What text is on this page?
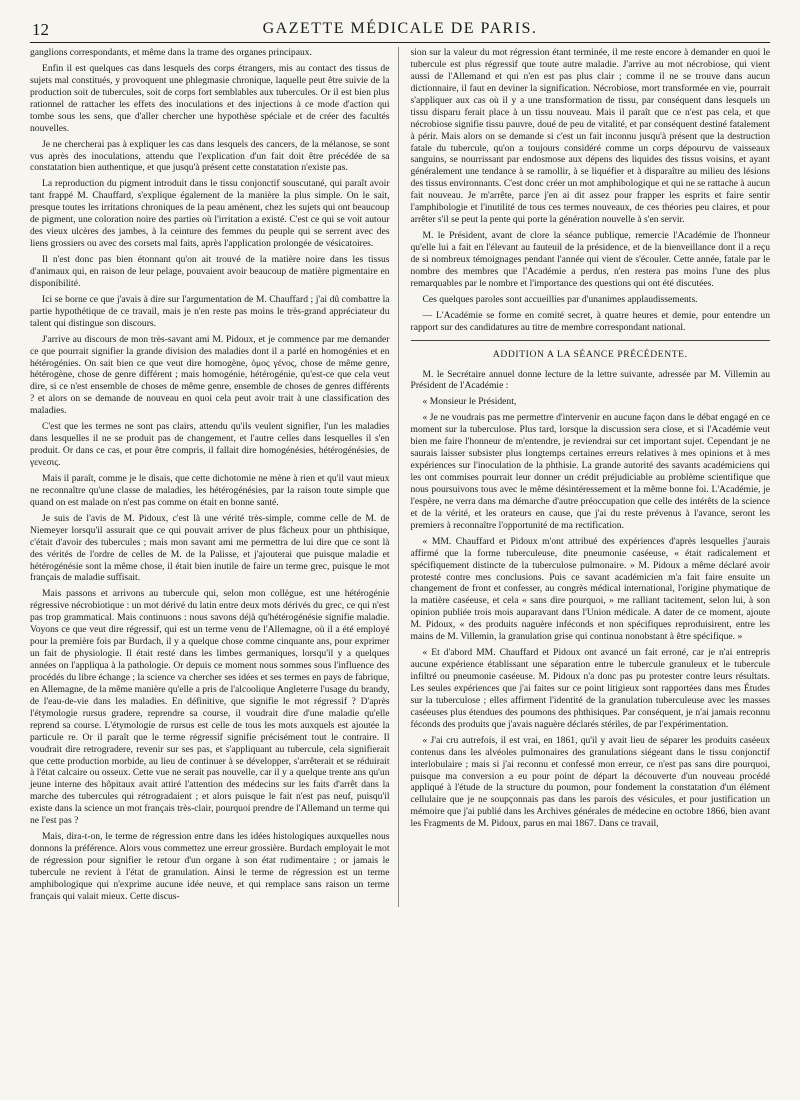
12	GAZETTE MÉDICALE DE PARIS.

ganglions correspondants, et même dans la trame des organes principaux.

Enfin il est quelques cas dans lesquels des corps étrangers, mis au contact des tissus de sujets mal constitués, y provoquent une phlegmasie chronique, laquelle peut être suivie de la production soit de tubercules, soit de corps fort semblables aux tubercules. Or il est bien plus rationnel de rattacher les effets des inoculations et des injections à ce mode d'action qui tombe sous les sens, que d'aller chercher une hypothèse spéciale et de créer des facultés nouvelles.

Je ne chercherai pas à expliquer les cas dans lesquels des cancers, de la mélanose, se sont vus après des inoculations, attendu que l'explication d'un fait doit être précédée de sa constatation bien authentique, et que jusqu'à présent cette constatation n'existe pas.

La reproduction du pigment introduit dans le tissu conjonctif souscutané, qui paraît avoir tant frappé M. Chauffard, s'explique également de la manière la plus simple. On le sait, presque toutes les irritations chroniques de la peau amènent, chez les sujets qui ont beaucoup de pigment, une coloration noire des parties où l'irritation a existé. C'est ce qui se voit autour des vieux ulcères des jambes, à la ceinture des femmes du peuple qui se serrent avec des liens grossiers ou avec des corsets mal faits, après l'application prolongée de vésicatoires.

Il n'est donc pas bien étonnant qu'on ait trouvé de la matière noire dans les tissus d'animaux qui, en raison de leur pelage, pouvaient avoir beaucoup de matière pigmentaire en disponibilité.

Ici se borne ce que j'avais à dire sur l'argumentation de M. Chauffard ; j'ai dû combattre la partie hypothétique de ce travail, mais je n'en reste pas moins le très-grand appréciateur du talent qui distingue son discours.

J'arrive au discours de mon très-savant ami M. Pidoux, et je commence par me demander ce que pourrait signifier la grande division des maladies dont il a parlé en homogénies et en hétérogénies. On sait bien ce que veut dire homogène, ὁμος γένος, chose de même genre, hétérogène, chose de genre différent ; mais homogénie, hétérogénie, qu'est-ce que cela veut dire, si ce n'est ensemble de choses de même genre, ensemble de choses de genres différents ? et alors on se demande de nouveau en quoi cela peut avoir trait à une classification des maladies.

C'est que les termes ne sont pas clairs, attendu qu'ils veulent signifier, l'un les maladies dans lesquelles il ne se produit pas de changement, et l'autre celles dans lesquelles il s'en produit. Or dans ce cas, et pour être compris, il fallait dire homogénésies, hétérogénésies, de γενεσις.

Mais il paraît, comme je le disais, que cette dichotomie ne mène à rien et qu'il vaut mieux ne reconnaître qu'une classe de maladies, les hétérogénésies, par la raison toute simple que quand on est malade on n'est pas comme on était en bonne santé.

Je suis de l'avis de M. Pidoux, c'est là une vérité très-simple, comme celle de M. de Niemeyer lorsqu'il assurait que ce qui pouvait arriver de plus fâcheux pour un phthisique, c'était d'avoir des tubercules ; mais mon savant ami me permettra de lui dire que ce sont là des vérités de l'ordre de celles de M. de la Palisse, et j'ajouterai que puisque maladie et hétérogénésie sont la même chose, il était bien inutile de faire un terme grec, puisque le mot français de maladie suffisait.

Mais passons et arrivons au tubercule qui, selon mon collègue, est une hétérogénie régressive nécrobiotique : un mot dérivé du latin entre deux mots dérivés du grec, ce qui n'est pas trop grammatical. Mais continuons : nous savons déjà qu'hétérogénésie signifie maladie. Voyons ce que veut dire régressif, qui est un terme venu de l'Allemagne, où il a été employé pour la première fois par Burdach, il y a quelque chose comme cinquante ans, pour exprimer un fait de physiologie. Il était resté dans les limbes germaniques, lorsqu'il y a quelques années on l'appliqua à la pathologie. Or depuis ce moment nous sommes sous l'influence des procédés du libre échange ; la science va chercher ses idées et ses termes en pays de fabrique, en Allemagne, de la même manière qu'elle a pris de l'alcoolique Angleterre l'usage du brandy, de l'eau-de-vie dans les maladies. En définitive, que signifie le mot régressif ? D'après l'étymologie rursus gradere, reprendre sa course, il voudrait dire d'une maladie qu'elle reprend sa course. L'étymologie de rursus est celle de tous les mots auxquels est ajoutée la particule re. Or il paraît que le terme régressif signifie précisément tout le contraire. Il voudrait dire retrogradere, revenir sur ses pas, et s'appliquant au tubercule, cela signifierait que cette production morbide, au lieu de continuer à se développer, s'arrêterait et se réduirait à l'état calcaire ou osseux. Cette vue ne serait pas nouvelle, car il y a quelque trente ans qu'un jeune interne des hôpitaux avait attiré l'attention des médecins sur les faits d'arrêt dans la marche des tubercules qui rétrogradaient ; et alors puisque le fait n'est pas neuf, puisqu'il existe dans la science un mot français très-clair, pourquoi prendre de l'Allemand un terme qui ne l'est pas ?

Mais, dira-t-on, le terme de régression entre dans les idées histologiques auxquelles nous donnons la préférence. Alors vous commettez une erreur grossière. Burdach employait le mot de régression pour signifier le retour d'un organe à son état rudimentaire ; or jamais le tubercule ne revient à l'état de granulation. Ainsi le terme de régression est un terme amphibologique qui n'exprime aucune idée neuve, et qui remplace sans raison un terme français qui valait mieux. Cette discus-

sion sur la valeur du mot régression étant terminée, il me reste encore à demander en quoi le tubercule est plus régressif que toute autre maladie. J'arrive au mot nécrobiose, qui vient aussi de l'Allemand et qui n'en est pas plus clair ; comme il ne se trouve dans aucun dictionnaire, il faut en deviner la signification. Nécrobiose, mort transformée en vie, pourrait s'appliquer aux cas où il y a une transformation de tissu, par conséquent dans lesquels un tissu disparu ferait place à un tissu nouveau. Mais il paraît que ce n'est pas cela, et que nécrobiose signifie tissu pauvre, doué de peu de vitalité, et par conséquent destiné fatalement à périr. Mais alors on se demande si c'est un fait inconnu jusqu'à présent que la destruction fatale du tubercule, qu'on a toujours considéré comme un corps dépourvu de vaisseaux sanguins, se nourrissant par endosmose aux dépens des liquides des tissus voisins, et ayant généralement une tendance à se ramollir, à se liquéfier et à disparaître au milieu des lésions des tissus environnants. C'est donc créer un mot amphibologique et qui ne se rattache à aucun fait nouveau. Je m'arrête, parce j'en ai dit assez pour frapper les esprits et faire sentir l'amphibologie et l'inutilité de tous ces termes nouveaux, de ces théories peu claires, et pour arrêter s'il se peut la pente qui porte la génération nouvelle à s'en servir.

M. le Président, avant de clore la séance publique, remercie l'Académie de l'honneur qu'elle lui a fait en l'élevant au fauteuil de la présidence, et de la bienveillance dont il a reçu de si nombreux témoignages pendant l'année qui vient de s'écouler. Cette année, fatale par le nombre des membres que l'Académie a perdus, n'en restera pas moins l'une des plus remarquables par le nombre et l'importance des questions qui ont été discutées.

Ces quelques paroles sont accueillies par d'unanimes applaudissements.

— L'Académie se forme en comité secret, à quatre heures et demie, pour entendre un rapport sur des candidatures au titre de membre correspondant national.

ADDITION A LA SÉANCE PRÉCÉDENTE.

M. le Secrétaire annuel donne lecture de la lettre suivante, adressée par M. Villemin au Président de l'Académie :

« Monsieur le Président,

« Je ne voudrais pas me permettre d'intervenir en aucune façon dans le débat engagé en ce moment sur la tuberculose. Plus tard, lorsque la discussion sera close, et si l'Académie veut bien me faire l'honneur de m'entendre, je reviendrai sur cet important sujet. Cependant je ne saurais laisser subsister plus longtemps certaines erreurs relatives à mes opinions et à mes expériences sur l'inoculation de la phthisie. La grande autorité des savants académiciens qui les ont commises pourrait leur donner un crédit préjudiciable au problème scientifique que nous poursuivons tous avec le même désintéressement et la même bonne foi. L'Académie, je l'espère, ne verra dans ma démarche d'autre préoccupation que celle des intérêts de la science et de la vérité, et les orateurs en cause, que j'ai du reste prévenus à l'avance, seront les premiers à reconnaître l'opportunité de ma rectification.

« MM. Chauffard et Pidoux m'ont attribué des expériences d'après lesquelles j'aurais affirmé que la forme tuberculeuse, dite pneumonie caséeuse, « était radicalement et spécifiquement distincte de la tuberculose pulmonaire. » M. Pidoux a même déclaré avoir protesté contre mes conclusions. Puis ce savant académicien m'a fait faire ensuite un changement de front et confesser, au congrès médical international, l'origine phymatique de la matière caséeuse, et cela « sans dire pourquoi, » me ralliant tacitement, selon lui, à son opinion publiée trois mois auparavant dans l'Union médicale. A dater de ce moment, ajoute M. Pidoux, « des produits naguère inféconds et non spécifiques reproduisirent, entre les mains de M. Villemin, la granulation grise qui continua nonobstant à être spécifique. »

« Et d'abord MM. Chauffard et Pidoux ont avancé un fait erroné, car je n'ai entrepris aucune expérience établissant une séparation entre le tubercule granuleux et le tubercule infiltré ou pneumonie caséeuse. M. Pidoux n'a donc pas pu protester contre leurs résultats. Les seules expériences que j'ai faites sur ce point litigieux sont rapportées dans mes Études sur la tuberculose ; elles affirment l'identité de la granulation tuberculeuse avec les masses caséeuses plus étendues des poumons des phthisiques. Par conséquent, je n'ai jamais reconnu féconds des produits que j'avais naguère déclarés stériles, de par l'expérimentation.

« J'ai cru autrefois, il est vrai, en 1861, qu'il y avait lieu de séparer les produits caséeux contenus dans les alvéoles pulmonaires des granulations siégeant dans le tissu conjonctif interlobulaire ; mais si j'ai reconnu et confessé mon erreur, ce n'est pas sans dire pourquoi, puisque ma conversion a eu pour point de départ la découverte d'un nouveau procédé appliqué à l'étude de la structure du poumon, pour fondement la constatation d'un élément cellulaire que je ne soupçonnais pas dans les parois des vésicules, et pour justification un mémoire que j'ai publié dans les Archives générales de médecine en octobre 1866, bien avant les Fragments de M. Pidoux, parus en mai 1867. Dans ce travail,
